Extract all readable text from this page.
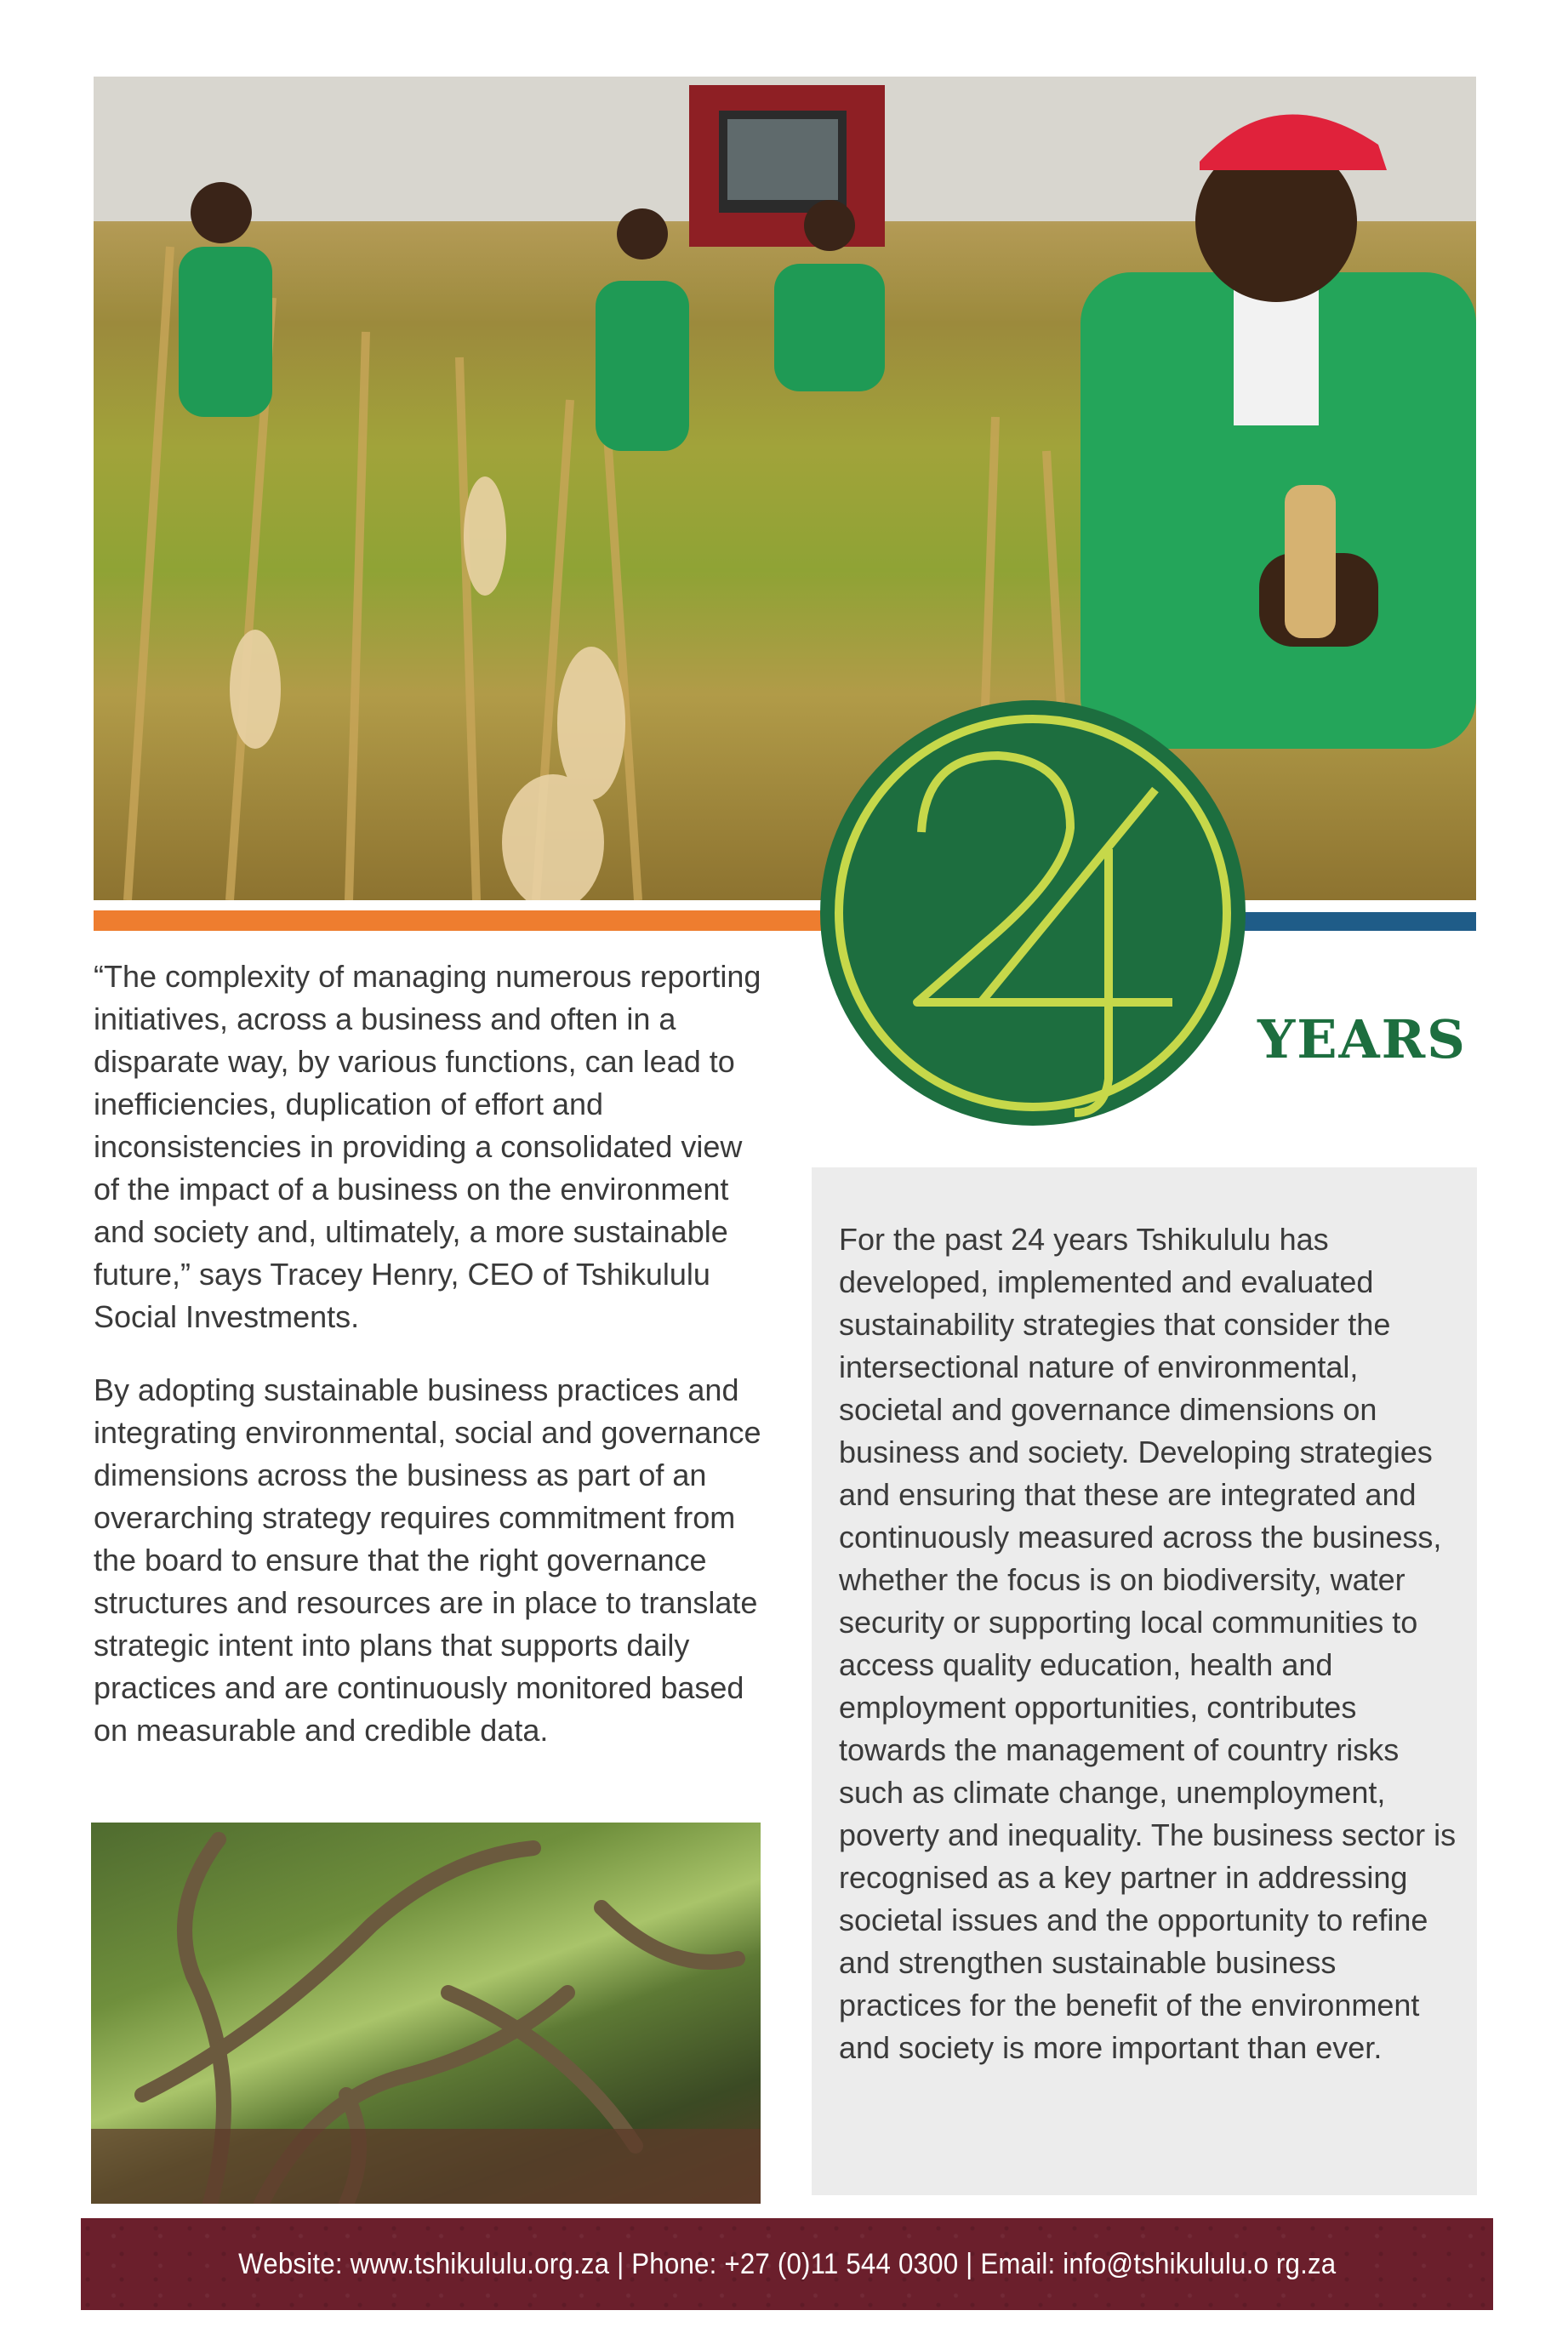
24
YEARS

“The complexity of managing numerous reporting initiatives, across a business and often in a disparate way, by various functions, can lead to inefficiencies, duplication of effort and inconsistencies in providing a consolidated view of the impact of a business on the environment and society and, ultimately, a more sustainable future,” says Tracey Henry, CEO of Tshikululu Social Investments.

By adopting sustainable business practices and integrating environmental, social and governance dimensions across the business as part of an overarching strategy requires commitment from the board to ensure that the right governance structures and resources are in place to translate strategic intent into plans that supports daily practices and are continuously monitored based on measurable and credible data.

For the past 24 years Tshikululu has developed, implemented and evaluated sustainability strategies that consider the intersectional nature of environmental, societal and governance dimensions on business and society. Developing strategies and ensuring that these are integrated and continuously measured across the business, whether the focus is on biodiversity, water security or supporting local communities to access quality education, health and employment opportunities, contributes towards the management of country risks such as climate change, unemployment, poverty and inequality. The business sector is recognised as a key partner in addressing societal issues and the opportunity to refine and strengthen sustainable business practices for the benefit of the environment and society is more important than ever.
Website: www.tshikululu.org.za | Phone: +27 (0)11 544 0300 | Email: info@tshikululu.o rg.za
